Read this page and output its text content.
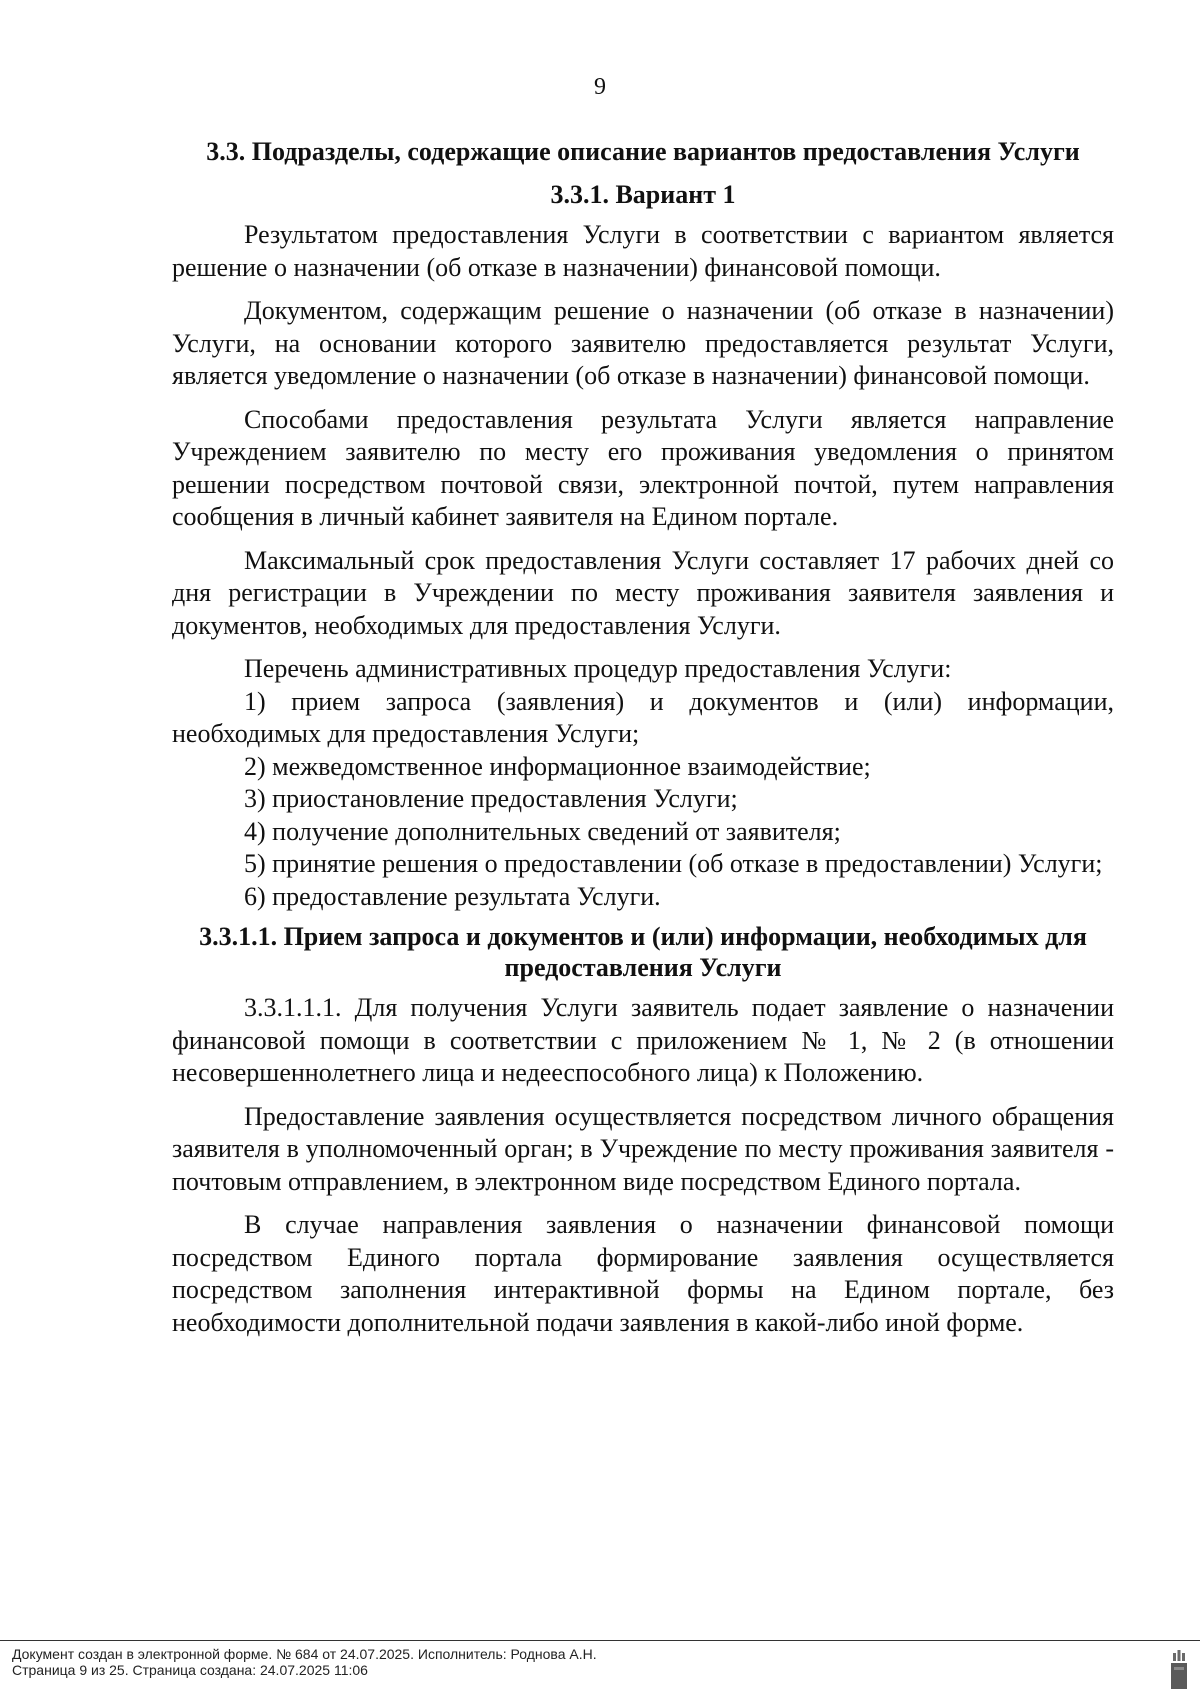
9
3.3. Подразделы, содержащие описание вариантов предоставления Услуги
3.3.1. Вариант 1

Результатом предоставления Услуги в соответствии с вариантом является решение о назначении (об отказе в назначении) финансовой помощи.

Документом, содержащим решение о назначении (об отказе в назначении) Услуги, на основании которого заявителю предоставляется результат Услуги, является уведомление о назначении (об отказе в назначении) финансовой помощи.

Способами предоставления результата Услуги является направление Учреждением заявителю по месту его проживания уведомления о принятом решении посредством почтовой связи, электронной почтой, путем направления сообщения в личный кабинет заявителя на Едином портале.

Максимальный срок предоставления Услуги составляет 17 рабочих дней со дня регистрации в Учреждении по месту проживания заявителя заявления и документов, необходимых для предоставления Услуги.

Перечень административных процедур предоставления Услуги:

1) прием запроса (заявления) и документов и (или) информации, необходимых для предоставления Услуги;

2) межведомственное информационное взаимодействие;

3) приостановление предоставления Услуги;

4) получение дополнительных сведений от заявителя;

5) принятие решения о предоставлении (об отказе в предоставлении) Услуги;

6) предоставление результата Услуги.

3.3.1.1. Прием запроса и документов и (или) информации, необходимых для предоставления Услуги

3.3.1.1.1. Для получения Услуги заявитель подает заявление о назначении финансовой помощи в соответствии с приложением № 1, № 2 (в отношении несовершеннолетнего лица и недееспособного лица) к Положению.

Предоставление заявления осуществляется посредством личного обращения заявителя в уполномоченный орган; в Учреждение по месту проживания заявителя - почтовым отправлением, в электронном виде посредством Единого портала.

В случае направления заявления о назначении финансовой помощи посредством Единого портала формирование заявления осуществляется посредством заполнения интерактивной формы на Едином портале, без необходимости дополнительной подачи заявления в какой-либо иной форме.

Документ создан в электронной форме. № 684 от 24.07.2025. Исполнитель: Роднова А.Н.
Страница 9 из 25. Страница создана: 24.07.2025 11:06
